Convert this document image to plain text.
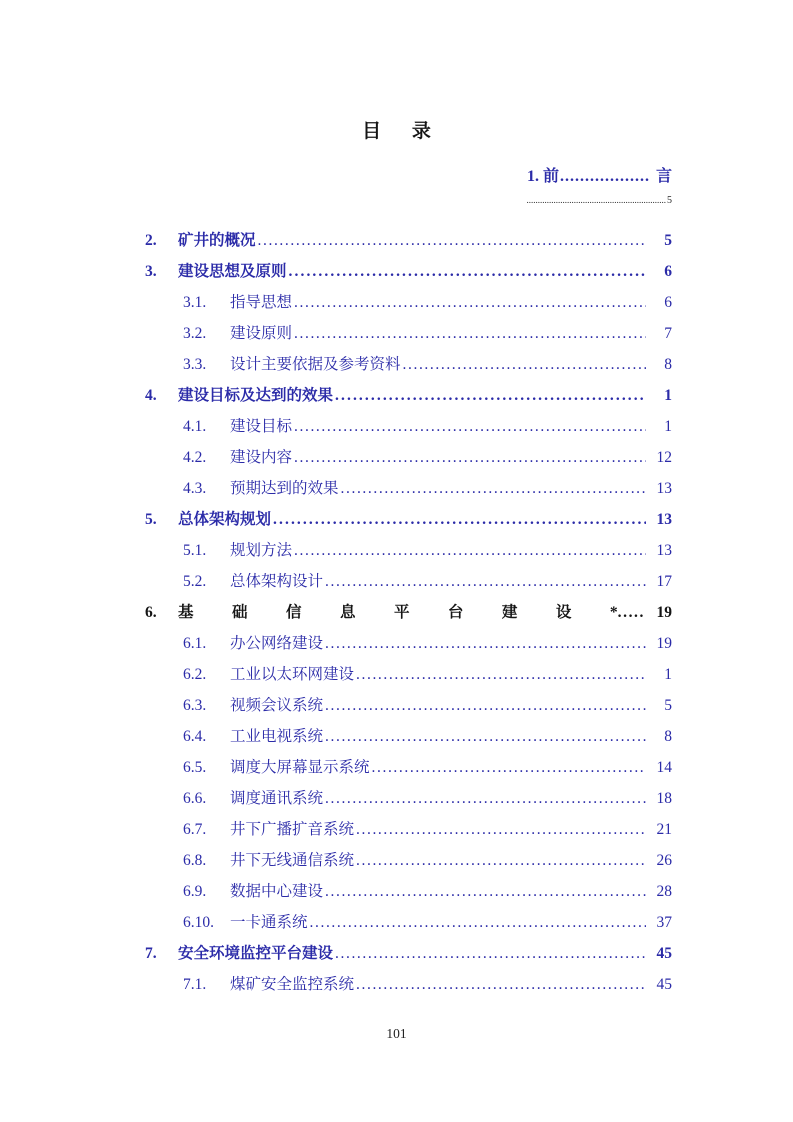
目 录
1. 前.................. 言
..............................................................5
2.	矿井的概况 .....	5
3.	建设思想及原则 .....	6
3.1.	指导思想 .....	6
3.2.	建设原则 .....	7
3.3.	设计主要依据及参考资料 .....	8
4.	建设目标及达到的效果 .....	1
4.1.	建设目标 .....	1
4.2.	建设内容 .....	12
4.3.	预期达到的效果 .....	13
5.	总体架构规划 .....	13
5.1.	规划方法 .....	13
5.2.	总体架构设计 .....	17
6.	基 础 信 息 平 台 建 设 * ..... 19
6.1.	办公网络建设 .....	19
6.2.	工业以太环网建设 .....	1
6.3.	视频会议系统 .....	5
6.4.	工业电视系统 .....	8
6.5.	调度大屏幕显示系统 .....	14
6.6.	调度通讯系统 .....	18
6.7.	井下广播扩音系统 .....	21
6.8.	井下无线通信系统 .....	26
6.9.	数据中心建设 .....	28
6.10.	一卡通系统 .....	37
7.	安全环境监控平台建设 .....	45
7.1.	煤矿安全监控系统 .....	45
101
